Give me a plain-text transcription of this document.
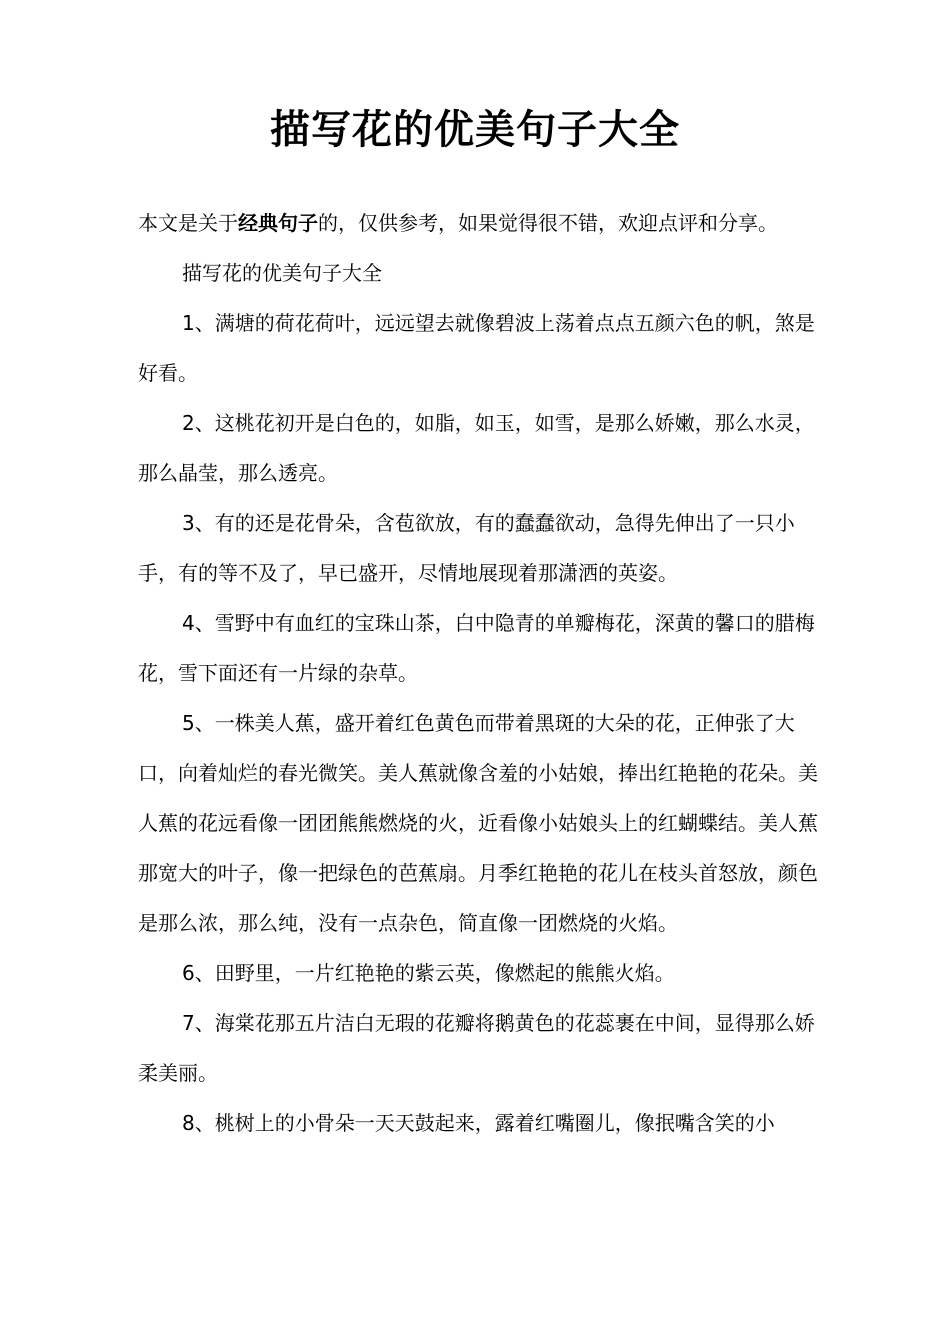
描写花的优美句子大全

本文是关于经典句子的，仅供参考，如果觉得很不错，欢迎点评和分享。

描写花的优美句子大全

1、满塘的荷花荷叶，远远望去就像碧波上荡着点点五颜六色的帆，煞是好看。

2、这桃花初开是白色的，如脂，如玉，如雪，是那么娇嫩，那么水灵，那么晶莹，那么透亮。

3、有的还是花骨朵，含苞欲放，有的蠢蠢欲动，急得先伸出了一只小手，有的等不及了，早已盛开，尽情地展现着那潇洒的英姿。

4、雪野中有血红的宝珠山茶，白中隐青的单瓣梅花，深黄的馨口的腊梅花，雪下面还有一片绿的杂草。

5、一株美人蕉，盛开着红色黄色而带着黑斑的大朵的花，正伸张了大口，向着灿烂的春光微笑。美人蕉就像含羞的小姑娘，捧出红艳艳的花朵。美人蕉的花远看像一团团熊熊燃烧的火，近看像小姑娘头上的红蝴蝶结。美人蕉那宽大的叶子，像一把绿色的芭蕉扇。月季红艳艳的花儿在枝头首怒放，颜色是那么浓，那么纯，没有一点杂色，简直像一团燃烧的火焰。

6、田野里，一片红艳艳的紫云英，像燃起的熊熊火焰。

7、海棠花那五片洁白无瑕的花瓣将鹅黄色的花蕊裹在中间，显得那么娇柔美丽。

8、桃树上的小骨朵一天天鼓起来，露着红嘴圈儿，像抿嘴含笑的小
